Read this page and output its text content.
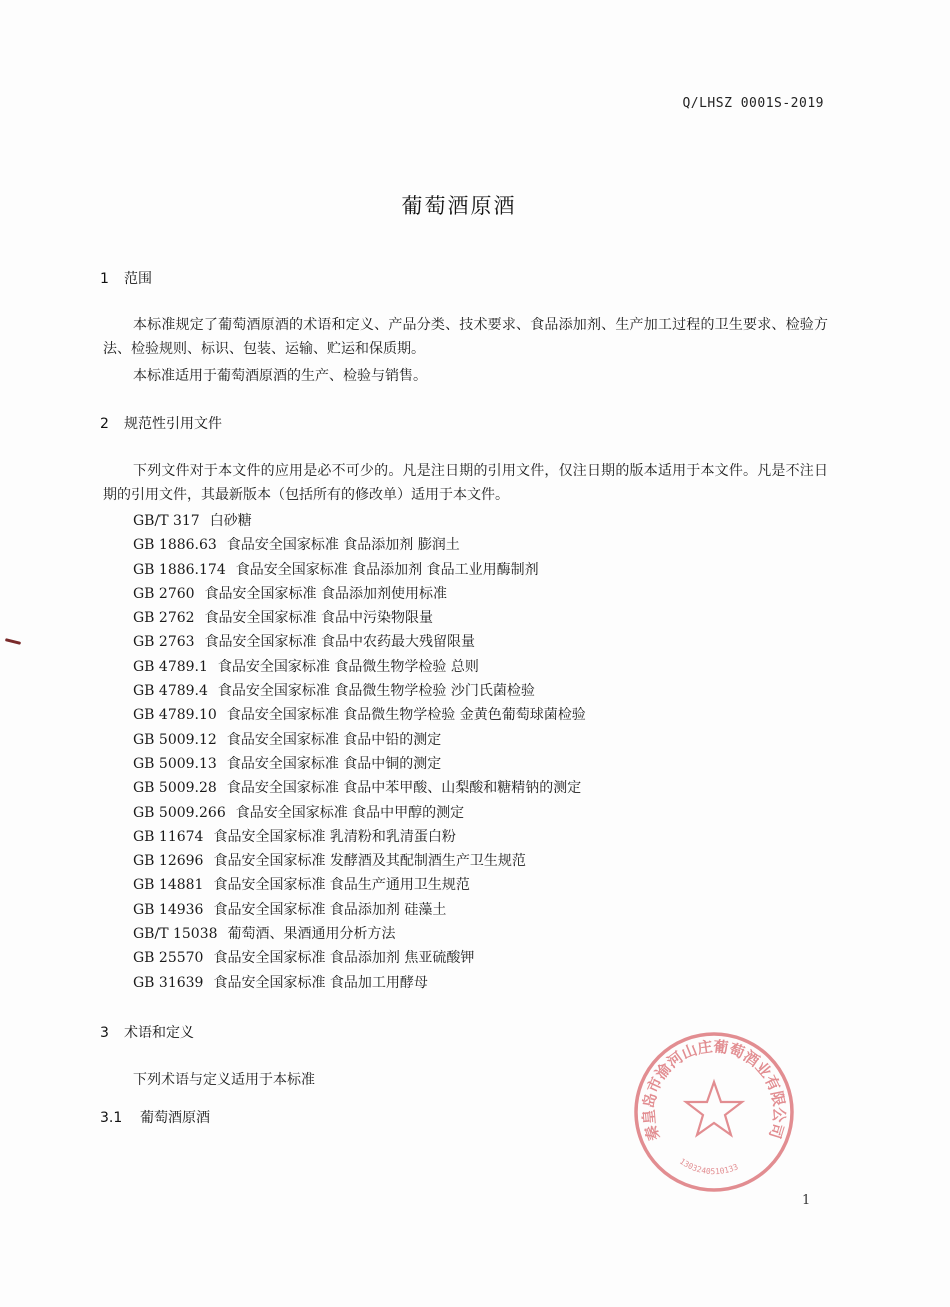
Q/LHSZ 0001S-2019
葡萄酒原酒
1 范围
本标准规定了葡萄酒原酒的术语和定义、产品分类、技术要求、食品添加剂、生产加工过程的卫生要求、检验方法、检验规则、标识、包装、运输、贮运和保质期。
本标准适用于葡萄酒原酒的生产、检验与销售。
2 规范性引用文件
下列文件对于本文件的应用是必不可少的。凡是注日期的引用文件，仅注日期的版本适用于本文件。凡是不注日期的引用文件，其最新版本（包括所有的修改单）适用于本文件。
GB/T 317 白砂糖
GB 1886.63 食品安全国家标准 食品添加剂 膨润土
GB 1886.174 食品安全国家标准 食品添加剂 食品工业用酶制剂
GB 2760 食品安全国家标准 食品添加剂使用标准
GB 2762 食品安全国家标准 食品中污染物限量
GB 2763 食品安全国家标准 食品中农药最大残留限量
GB 4789.1 食品安全国家标准 食品微生物学检验 总则
GB 4789.4 食品安全国家标准 食品微生物学检验 沙门氏菌检验
GB 4789.10 食品安全国家标准 食品微生物学检验 金黄色葡萄球菌检验
GB 5009.12 食品安全国家标准 食品中铅的测定
GB 5009.13 食品安全国家标准 食品中铜的测定
GB 5009.28 食品安全国家标准 食品中苯甲酸、山梨酸和糖精钠的测定
GB 5009.266 食品安全国家标准 食品中甲醇的测定
GB 11674 食品安全国家标准 乳清粉和乳清蛋白粉
GB 12696 食品安全国家标准 发酵酒及其配制酒生产卫生规范
GB 14881 食品安全国家标准 食品生产通用卫生规范
GB 14936 食品安全国家标准 食品添加剂 硅藻土
GB/T 15038 葡萄酒、果酒通用分析方法
GB 25570 食品安全国家标准 食品添加剂 焦亚硫酸钾
GB 31639 食品安全国家标准 食品加工用酵母
3 术语和定义
下列术语与定义适用于本标准
3.1 葡萄酒原酒
秦皇岛市渝河山庄葡萄酒业有限公司
1303240510133
1
